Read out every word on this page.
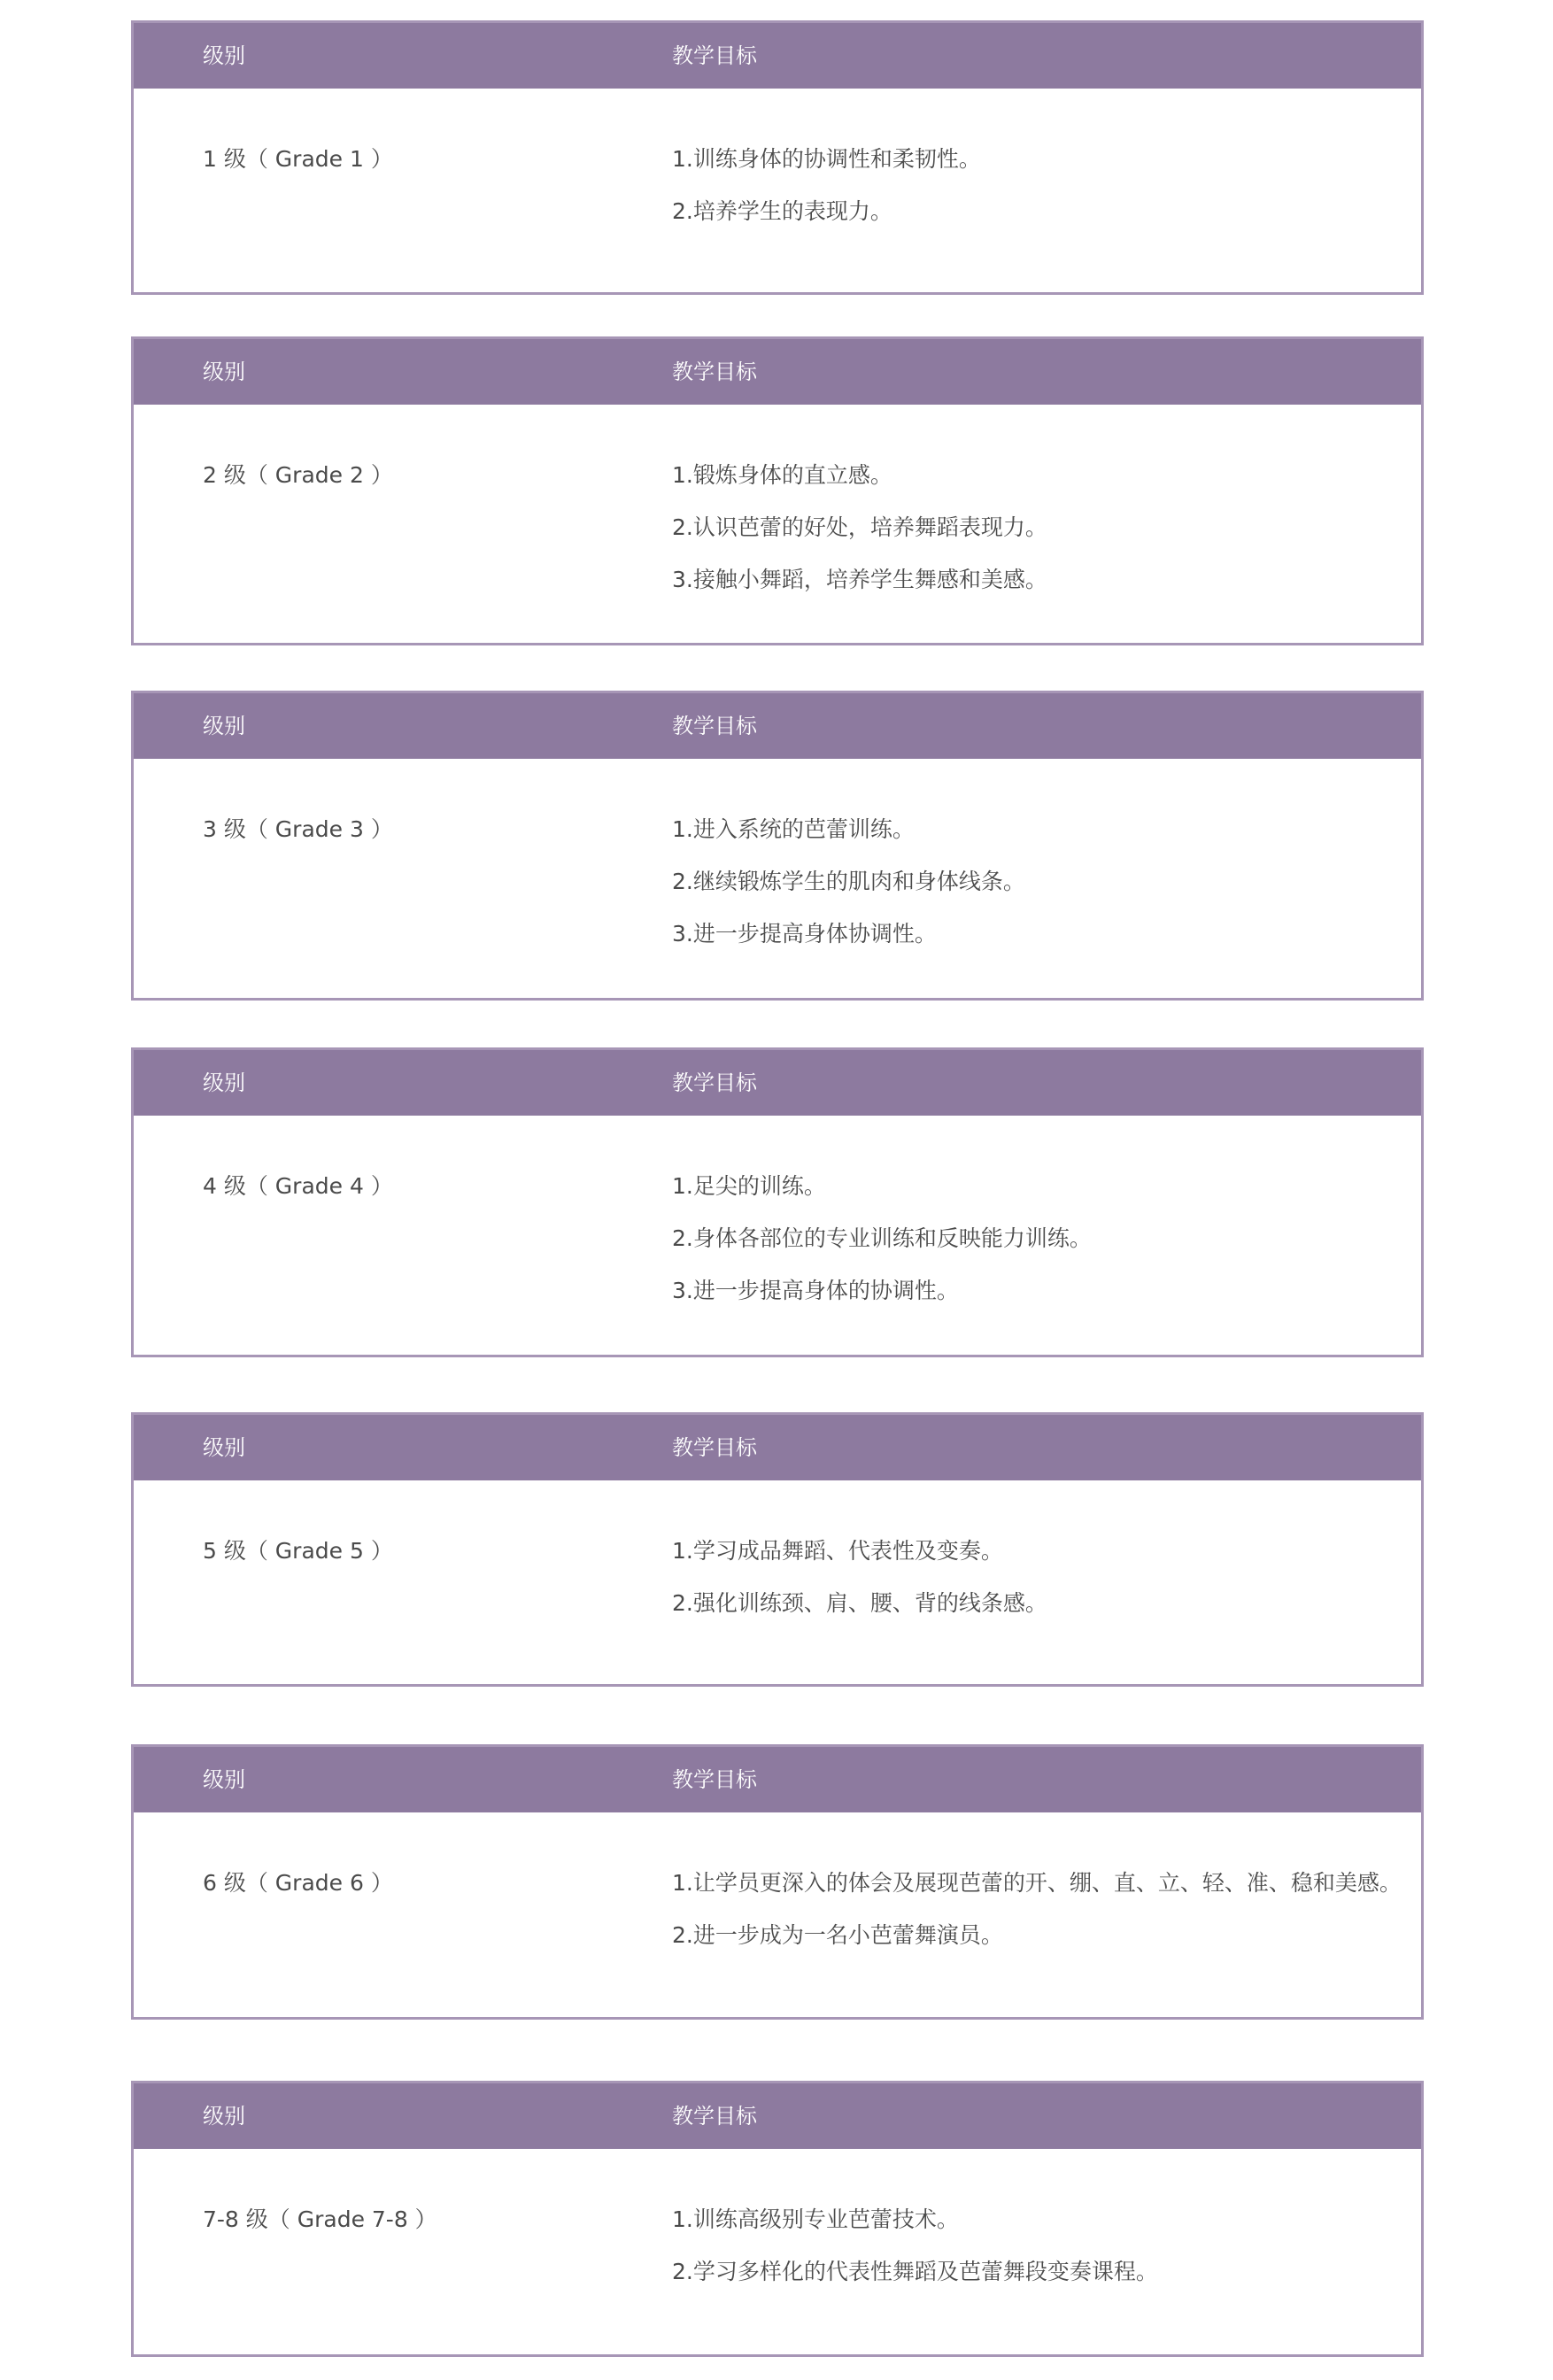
级别	教学目标
1 级（ Grade 1 ）	1.训练身体的协调性和柔韧性。
2.培养学生的表现力。
级别	教学目标
2 级（ Grade 2 ）	1.锻炼身体的直立感。
2.认识芭蕾的好处，培养舞蹈表现力。
3.接触小舞蹈，培养学生舞感和美感。
级别	教学目标
3 级（ Grade 3 ）	1.进入系统的芭蕾训练。
2.继续锻炼学生的肌肉和身体线条。
3.进一步提高身体协调性。
级别	教学目标
4 级（ Grade 4 ）	1.足尖的训练。
2.身体各部位的专业训练和反映能力训练。
3.进一步提高身体的协调性。
级别	教学目标
5 级（ Grade 5 ）	1.学习成品舞蹈、代表性及变奏。
2.强化训练颈、肩、腰、背的线条感。
级别	教学目标
6 级（ Grade 6 ）	1.让学员更深入的体会及展现芭蕾的开、绷、直、立、轻、准、稳和美感。
2.进一步成为一名小芭蕾舞演员。
级别	教学目标
7-8 级（ Grade 7-8 ）	1.训练高级别专业芭蕾技术。
2.学习多样化的代表性舞蹈及芭蕾舞段变奏课程。
